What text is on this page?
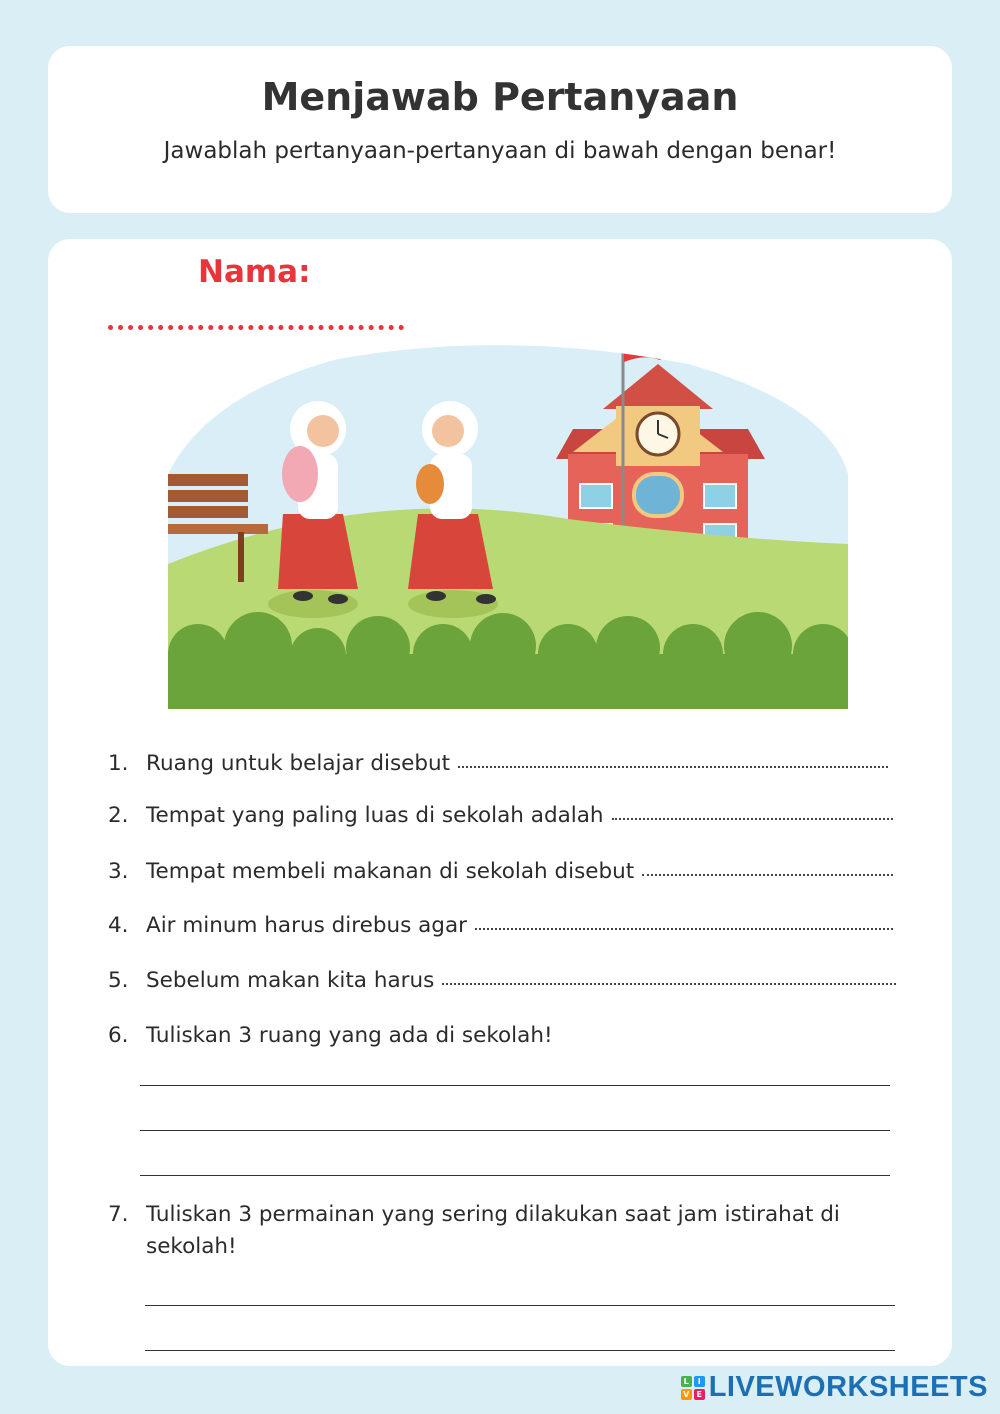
Menjawab Pertanyaan
Jawablah pertanyaan-pertanyaan di bawah dengan benar!
Nama:
1. Ruang untuk belajar disebut
2. Tempat yang paling luas di sekolah adalah
3. Tempat membeli makanan di sekolah disebut
4. Air minum harus direbus agar
5. Sebelum makan kita harus
6. Tuliskan 3 ruang yang ada di sekolah!
7. Tuliskan 3 permainan yang sering dilakukan saat jam istirahat di sekolah!
L	I
V E LIVEWORKSHEETS
